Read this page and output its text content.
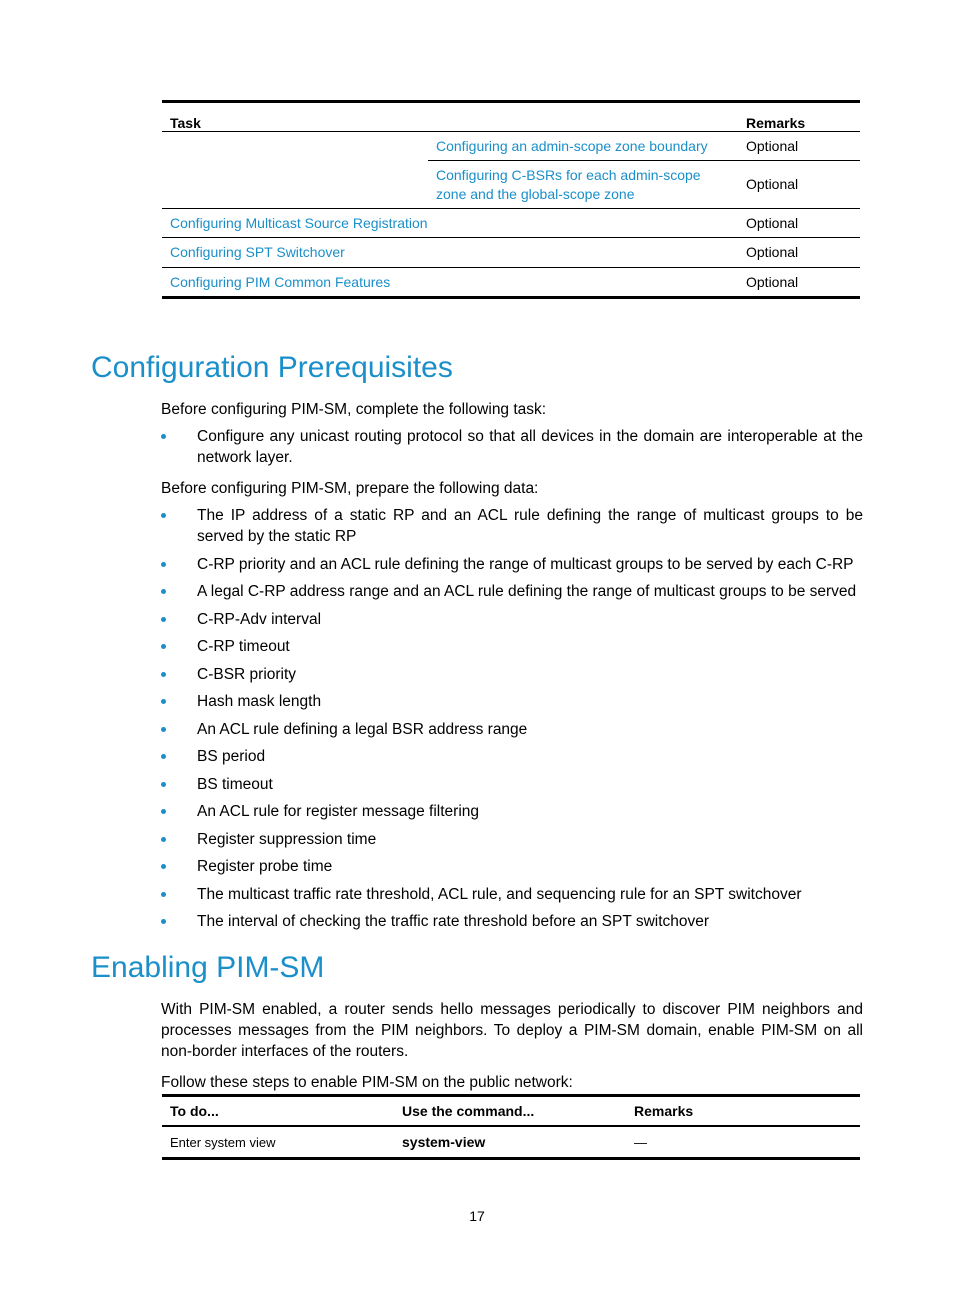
Task		Remarks
	Configuring an admin-scope zone boundary	Optional
	Configuring C-BSRs for each admin-scope zone and the global-scope zone	Optional
Configuring Multicast Source Registration		Optional
Configuring SPT Switchover		Optional
Configuring PIM Common Features		Optional
Configuration Prerequisites

Before configuring PIM-SM, complete the following task:

Configure any unicast routing protocol so that all devices in the domain are interoperable at the network layer.

Before configuring PIM-SM, prepare the following data:

The IP address of a static RP and an ACL rule defining the range of multicast groups to be served by the static RP
C-RP priority and an ACL rule defining the range of multicast groups to be served by each C-RP
A legal C-RP address range and an ACL rule defining the range of multicast groups to be served
C-RP-Adv interval
C-RP timeout
C-BSR priority
Hash mask length
An ACL rule defining a legal BSR address range
BS period
BS timeout
An ACL rule for register message filtering
Register suppression time
Register probe time
The multicast traffic rate threshold, ACL rule, and sequencing rule for an SPT switchover
The interval of checking the traffic rate threshold before an SPT switchover
Enabling PIM-SM

With PIM-SM enabled, a router sends hello messages periodically to discover PIM neighbors and processes messages from the PIM neighbors. To deploy a PIM-SM domain, enable PIM-SM on all non-border interfaces of the routers.

Follow these steps to enable PIM-SM on the public network:

To do...	Use the command...	Remarks
Enter system view	system-view	—
17
